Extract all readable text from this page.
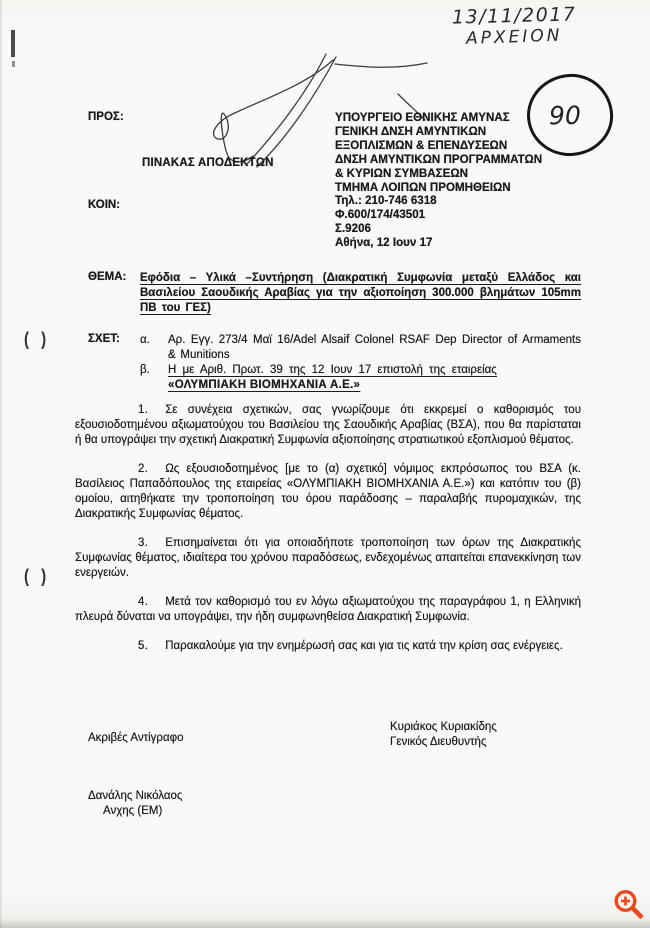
13/11/2017
ΑΡΧΕΙΟΝ
90
ΠΡΟΣ:
ΠΙΝΑΚΑΣ ΑΠΟΔΕΚΤΩΝ
ΚΟΙΝ:
ΥΠΟΥΡΓΕΙΟ ΕΘΝΙΚΗΣ ΑΜΥΝΑΣ
ΓΕΝΙΚΗ ΔΝΣΗ ΑΜΥΝΤΙΚΩΝ
ΕΞΟΠΛΙΣΜΩΝ & ΕΠΕΝΔΥΣΕΩΝ
ΔΝΣΗ ΑΜΥΝΤΙΚΩΝ ΠΡΟΓΡΑΜΜΑΤΩΝ
& ΚΥΡΙΩΝ ΣΥΜΒΑΣΕΩΝ
ΤΜΗΜΑ ΛΟΙΠΩΝ ΠΡΟΜΗΘΕΙΩΝ
Τηλ.: 210-746 6318
Φ.600/174/43501
Σ.9206
Αθήνα, 12 Ιουν 17
ΘΕΜΑ: Εφόδια – Υλικά –Συντήρηση (Διακρατική Συμφωνία μεταξύ Ελλάδος και Βασιλείου Σαουδικής Αραβίας για την αξιοποίηση 300.000 βλημάτων 105mm ΠΒ του ΓΕΣ)
( )
( )
ΣΧΕΤ: α. Αρ. Εγγ. 273/4 Μαϊ 16/Adel Alsaif Colonel RSAF Dep Director of Armaments & Munitions
β. Η με Αριθ. Πρωτ. 39 της 12 Ιουν 17 επιστολή της εταιρείας
«ΟΛΥΜΠΙΑΚΗ ΒΙΟΜΗΧΑΝΙΑ Α.Ε.»

1. Σε συνέχεια σχετικών, σας γνωρίζουμε ότι εκκρεμεί ο καθορισμός του εξουσιοδοτημένου αξιωματούχου του Βασιλείου της Σαουδικής Αραβίας (ΒΣΑ), που θα παρίσταται ή θα υπογράψει την σχετική Διακρατική Συμφωνία αξιοποίησης στρατιωτικού εξοπλισμού θέματος.

2. Ως εξουσιοδοτημένος [με το (α) σχετικό] νόμιμος εκπρόσωπος του ΒΣΑ (κ. Βασίλειος Παπαδόπουλος της εταιρείας «ΟΛΥΜΠΙΑΚΗ ΒΙΟΜΗΧΑΝΙΑ Α.Ε.») και κατόπιν του (β) ομοίου, αιτηθήκατε την τροποποίηση του όρου παράδοσης – παραλαβής πυρομαχικών, της Διακρατικής Συμφωνίας θέματος.

3. Επισημαίνεται ότι για οποιαδήποτε τροποποίηση των όρων της Διακρατικής Συμφωνίας θέματος, ιδιαίτερα του χρόνου παραδόσεως, ενδεχομένως απαιτείται επανεκκίνηση των ενεργειών.

4. Μετά τον καθορισμό του εν λόγω αξιωματούχου της παραγράφου 1, η Ελληνική πλευρά δύναται να υπογράψει, την ήδη συμφωνηθείσα Διακρατική Συμφωνία.

5. Παρακαλούμε για την ενημέρωσή σας και για τις κατά την κρίση σας ενέργειες.

Κυριάκος Κυριακίδης
Γενικός Διευθυντής
Ακριβές Αντίγραφο
Δανάλης Νικόλαος
Ανχης (ΕΜ)
